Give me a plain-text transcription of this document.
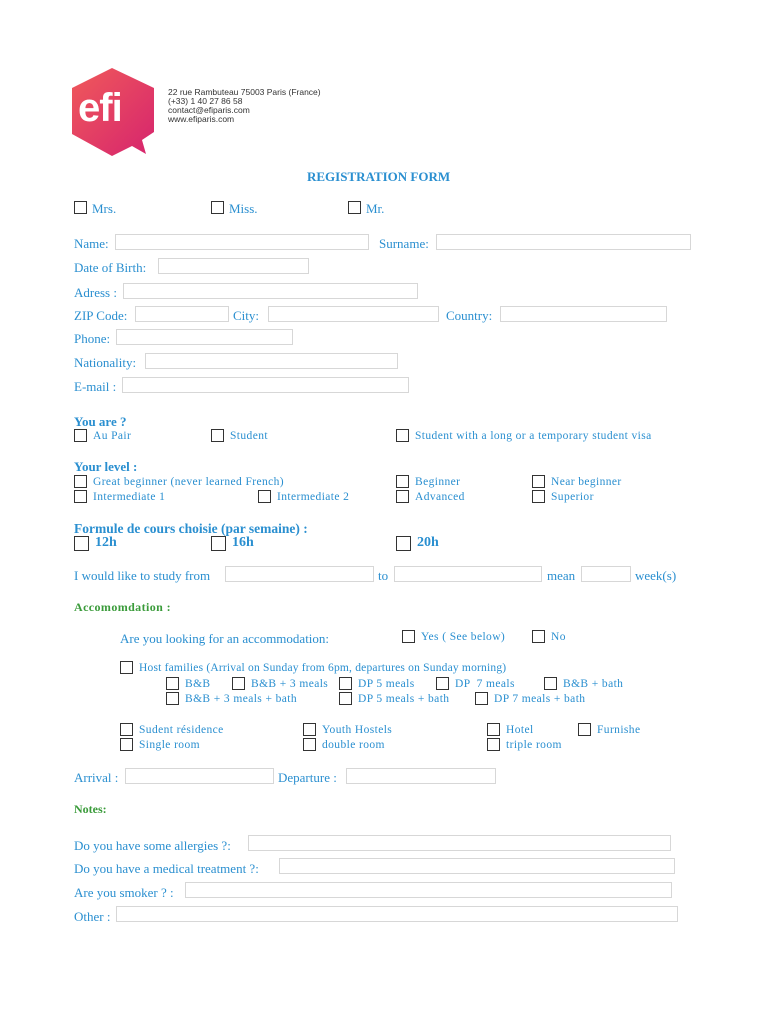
efi	22 rue Rambuteau 75003 Paris (France)
(+33) 1 40 27 86 58
contact@efiparis.com
www.efiparis.com
REGISTRATION FORM
Mrs.	Miss.	Mr.
Name:	Surname:
Date of Birth:
Adress :
ZIP Code:	City:	Country:
Phone:
Nationality:
E-mail :
You are ?
Au Pair	Student	Student with a long or a temporary student visa
Your level :
Great beginner (never learned French)	Beginner	Near beginner
Intermediate 1	Intermediate 2	Advanced	Superior
Formule de cours choisie (par semaine) :
12h	16h	20h
I would like to study from	to	mean	week(s)
Accomomdation :
Are you looking for an accommodation:	Yes ( See below)	No
Host families (Arrival on Sunday from 6pm, departures on Sunday morning)
B&B	B&B + 3 meals	DP 5 meals	DP  7 meals	B&B + bath
B&B + 3 meals + bath	DP 5 meals + bath	DP 7 meals + bath
Sudent résidence	Youth Hostels	Hotel	Furnishe
Single room	double room	triple room
Arrival :	Departure :
Notes:
Do you have some allergies ?:
Do you have a medical treatment ?:
Are you smoker ? :
Other :
